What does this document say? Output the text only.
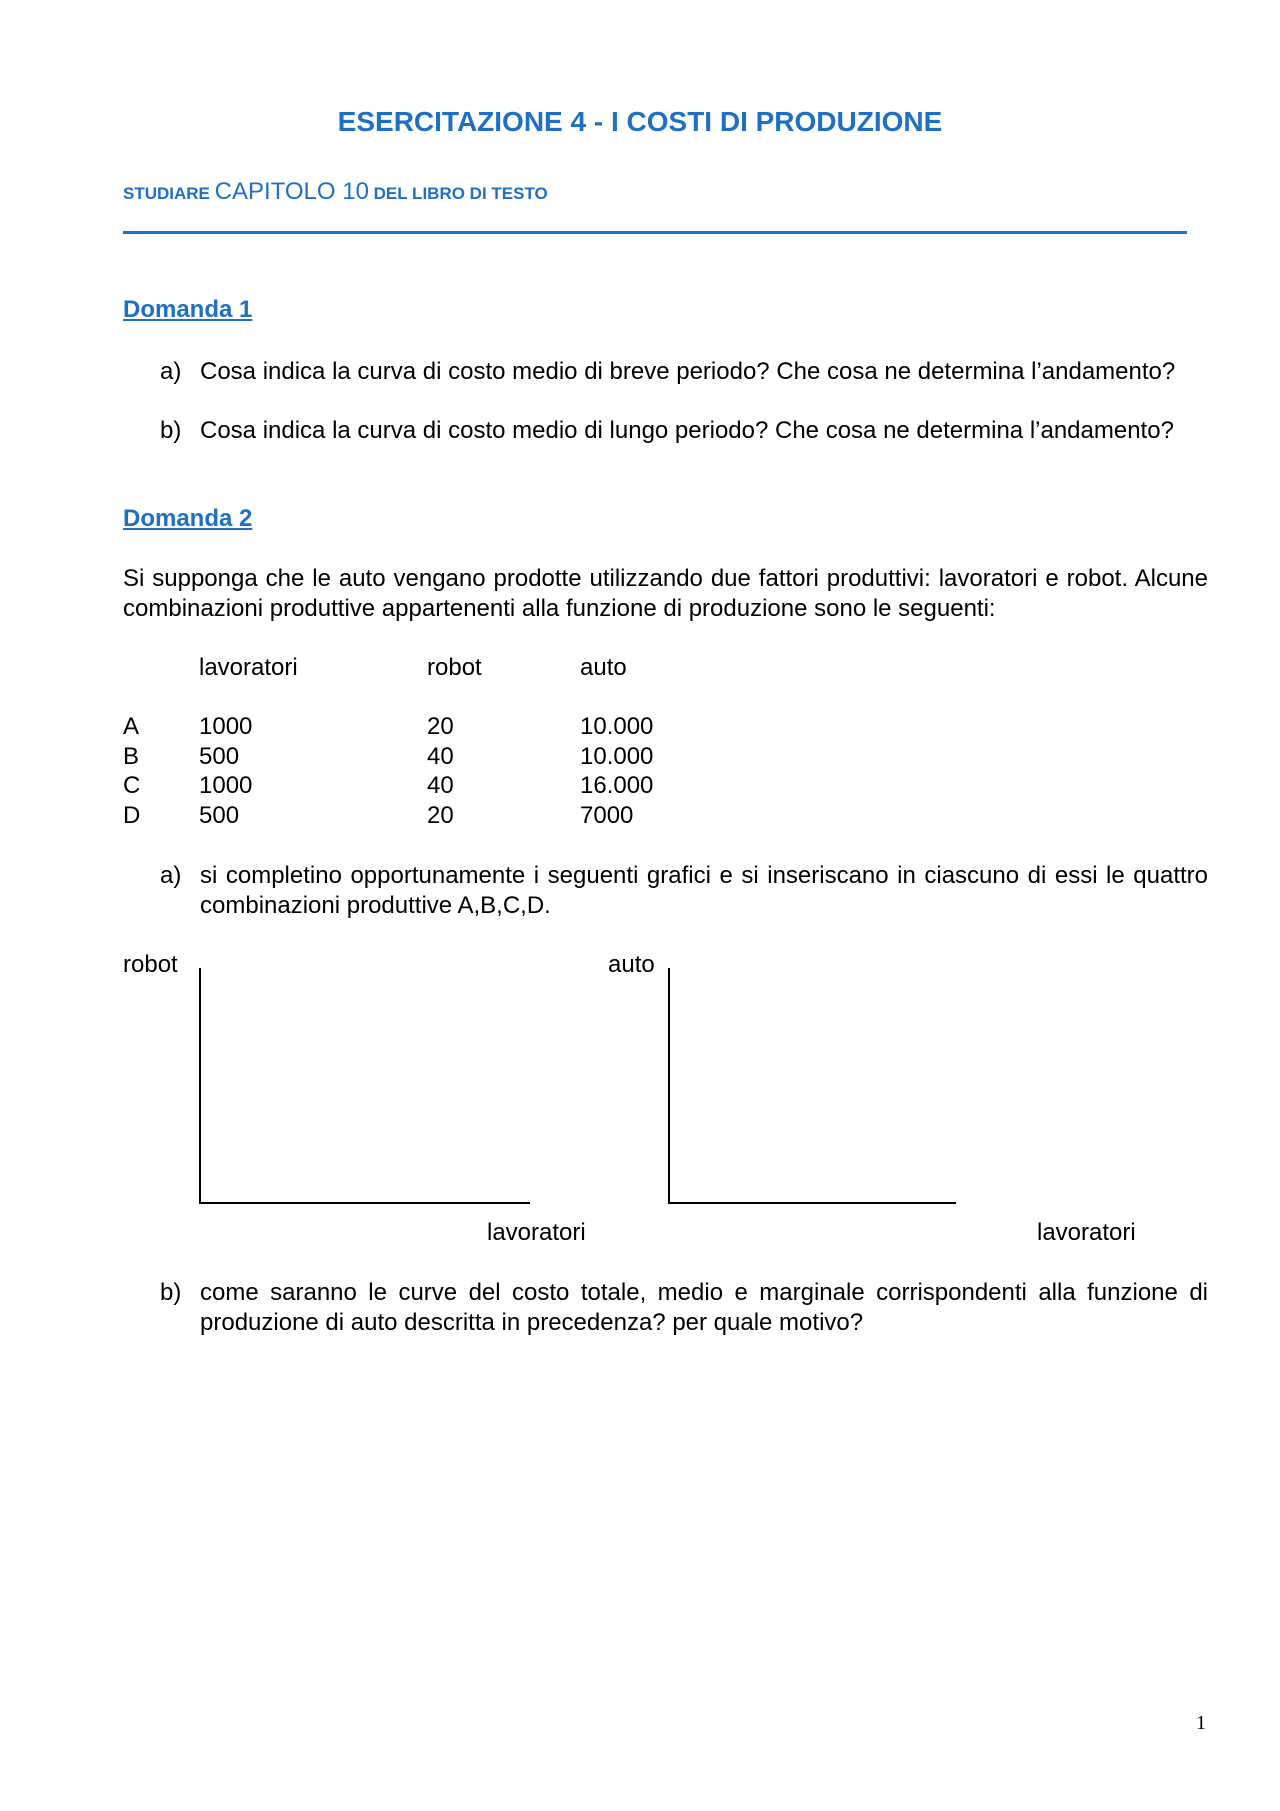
ESERCITAZIONE 4 - I COSTI DI PRODUZIONE
STUDIARE CAPITOLO 10 DEL LIBRO DI TESTO
Domanda 1
a) Cosa indica la curva di costo medio di breve periodo? Che cosa ne determina l’andamento?
b) Cosa indica la curva di costo medio di lungo periodo? Che cosa ne determina l’andamento?
Domanda 2
Si supponga che le auto vengano prodotte utilizzando due fattori produttivi: lavoratori e robot. Alcune combinazioni produttive appartenenti alla funzione di produzione sono le seguenti:
lavoratori	robot	auto
A 1000	20	10.000
B 500	40	10.000
C 1000	40	16.000
D 500	20	7000
a) si completino opportunamente i seguenti grafici e si inseriscano in ciascuno di essi le quattro combinazioni produttive A,B,C,D.
robot
lavoratori
auto
lavoratori
b) come saranno le curve del costo totale, medio e marginale corrispondenti alla funzione di produzione di auto descritta in precedenza? per quale motivo?
1
